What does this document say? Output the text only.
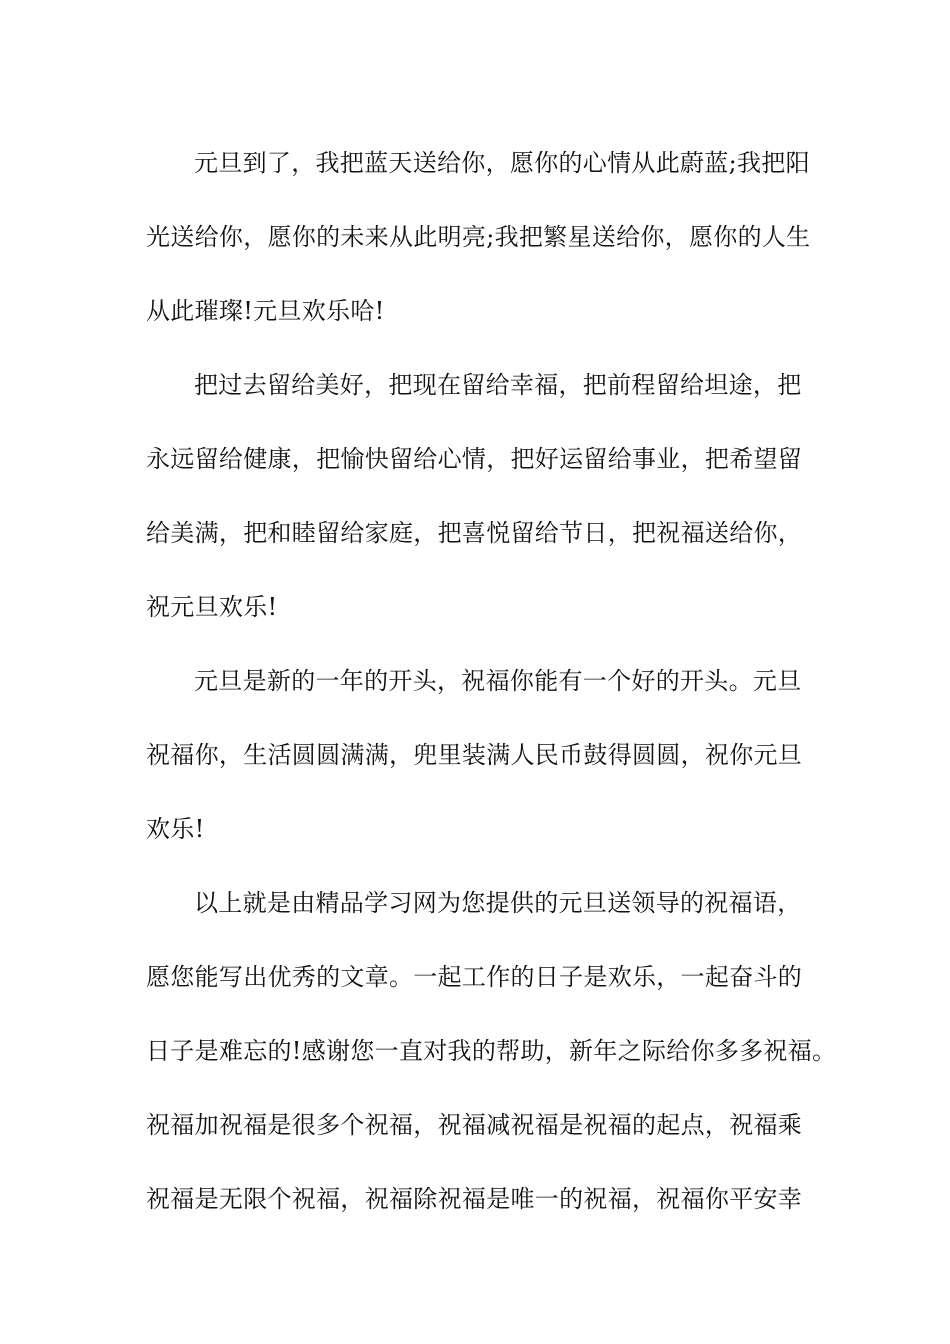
元旦到了，我把蓝天送给你，愿你的心情从此蔚蓝;我把阳
光送给你，愿你的未来从此明亮;我把繁星送给你，愿你的人生
从此璀璨!元旦欢乐哈!

把过去留给美好，把现在留给幸福，把前程留给坦途，把
永远留给健康，把愉快留给心情，把好运留给事业，把希望留
给美满，把和睦留给家庭，把喜悦留给节日，把祝福送给你，
祝元旦欢乐!

元旦是新的一年的开头，祝福你能有一个好的开头。元旦
祝福你，生活圆圆满满，兜里装满人民币鼓得圆圆，祝你元旦
欢乐!

以上就是由精品学习网为您提供的元旦送领导的祝福语，
愿您能写出优秀的文章。一起工作的日子是欢乐，一起奋斗的
日子是难忘的!感谢您一直对我的帮助，新年之际给你多多祝福。
祝福加祝福是很多个祝福，祝福减祝福是祝福的起点，祝福乘
祝福是无限个祝福，祝福除祝福是唯一的祝福，祝福你平安幸
